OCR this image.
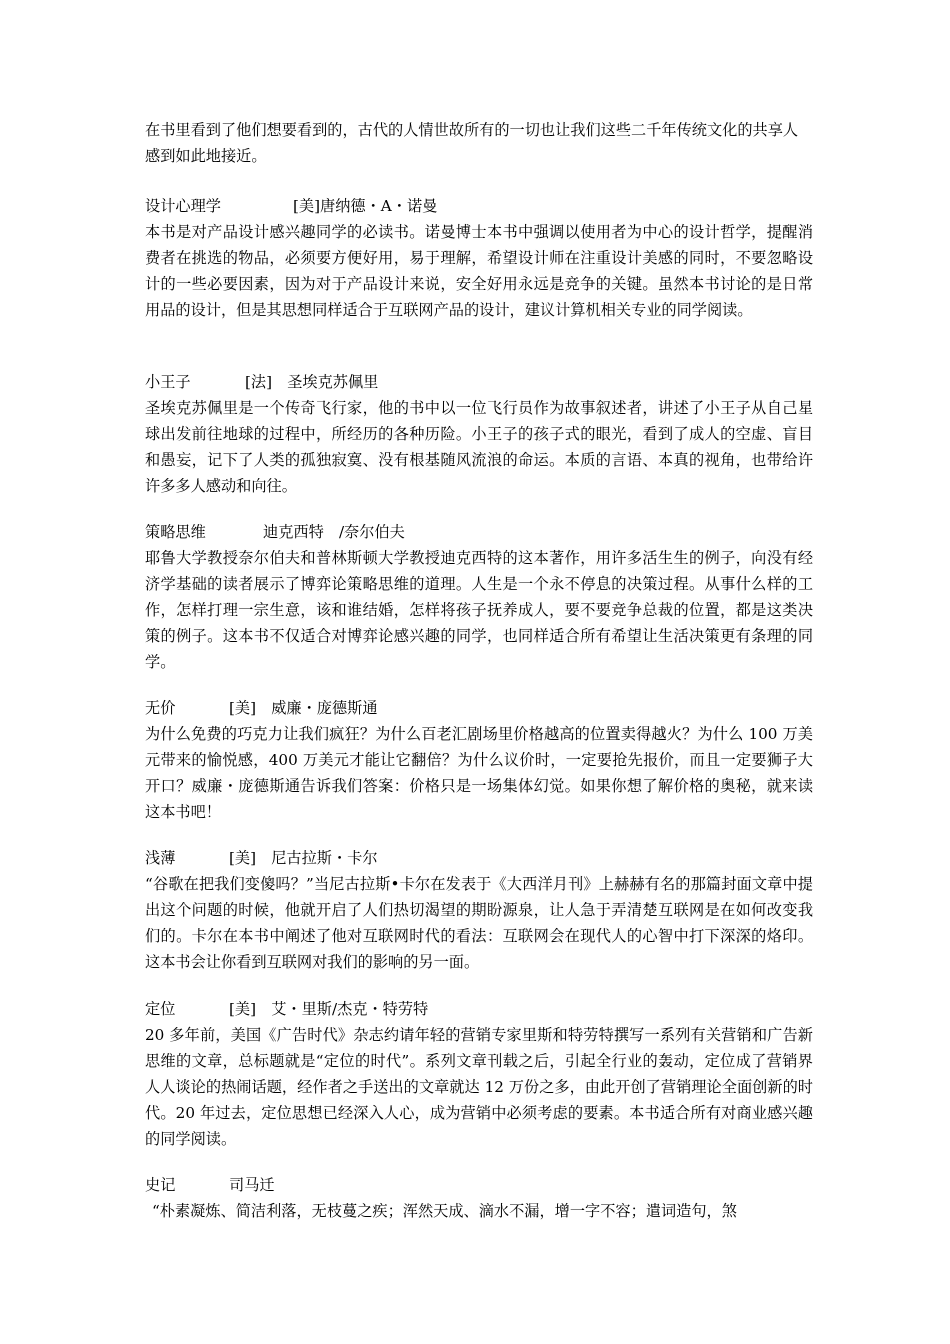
在书里看到了他们想要看到的，古代的人情世故所有的一切也让我们这些二千年传统文化的共享人感到如此地接近。
设计心理学	[美]唐纳德・A・诺曼
本书是对产品设计感兴趣同学的必读书。诺曼博士本书中强调以使用者为中心的设计哲学，提醒消费者在挑选的物品，必须要方便好用，易于理解，希望设计师在注重设计美感的同时，不要忽略设计的一些必要因素，因为对于产品设计来说，安全好用永远是竞争的关键。虽然本书讨论的是日常用品的设计，但是其思想同样适合于互联网产品的设计，建议计算机相关专业的同学阅读。
小王子	[法]　圣埃克苏佩里
圣埃克苏佩里是一个传奇飞行家，他的书中以一位飞行员作为故事叙述者，讲述了小王子从自己星球出发前往地球的过程中，所经历的各种历险。小王子的孩子式的眼光，看到了成人的空虚、盲目和愚妄，记下了人类的孤独寂寞、没有根基随风流浪的命运。本质的言语、本真的视角，也带给许许多多人感动和向往。
策略思维	迪克西特　/奈尔伯夫
耶鲁大学教授奈尔伯夫和普林斯顿大学教授迪克西特的这本著作，用许多活生生的例子，向没有经济学基础的读者展示了博弈论策略思维的道理。人生是一个永不停息的决策过程。从事什么样的工作，怎样打理一宗生意，该和谁结婚，怎样将孩子抚养成人，要不要竞争总裁的位置，都是这类决策的例子。这本书不仅适合对博弈论感兴趣的同学，也同样适合所有希望让生活决策更有条理的同学。
无价	[美]　威廉・庞德斯通
为什么免费的巧克力让我们疯狂？为什么百老汇剧场里价格越高的位置卖得越火？为什么 100 万美元带来的愉悦感，400 万美元才能让它翻倍？为什么议价时，一定要抢先报价，而且一定要狮子大开口？威廉・庞德斯通告诉我们答案：价格只是一场集体幻觉。如果你想了解价格的奥秘，就来读这本书吧！
浅薄	[美]　尼古拉斯・卡尔
“谷歌在把我们变傻吗？”当尼古拉斯•卡尔在发表于《大西洋月刊》上赫赫有名的那篇封面文章中提出这个问题的时候，他就开启了人们热切渴望的期盼源泉，让人急于弄清楚互联网是在如何改变我们的。卡尔在本书中阐述了他对互联网时代的看法：互联网会在现代人的心智中打下深深的烙印。这本书会让你看到互联网对我们的影响的另一面。
定位	[美]　艾・里斯/杰克・特劳特
20 多年前，美国《广告时代》杂志约请年轻的营销专家里斯和特劳特撰写一系列有关营销和广告新思维的文章，总标题就是“定位的时代”。系列文章刊载之后，引起全行业的轰动，定位成了营销界人人谈论的热闹话题，经作者之手送出的文章就达 12 万份之多，由此开创了营销理论全面创新的时代。20 年过去，定位思想已经深入人心，成为营销中必须考虑的要素。本书适合所有对商业感兴趣的同学阅读。
史记	司马迁
“朴素凝炼、简洁利落，无枝蔓之疾；浑然天成、滴水不漏，增一字不容；遣词造句，煞
